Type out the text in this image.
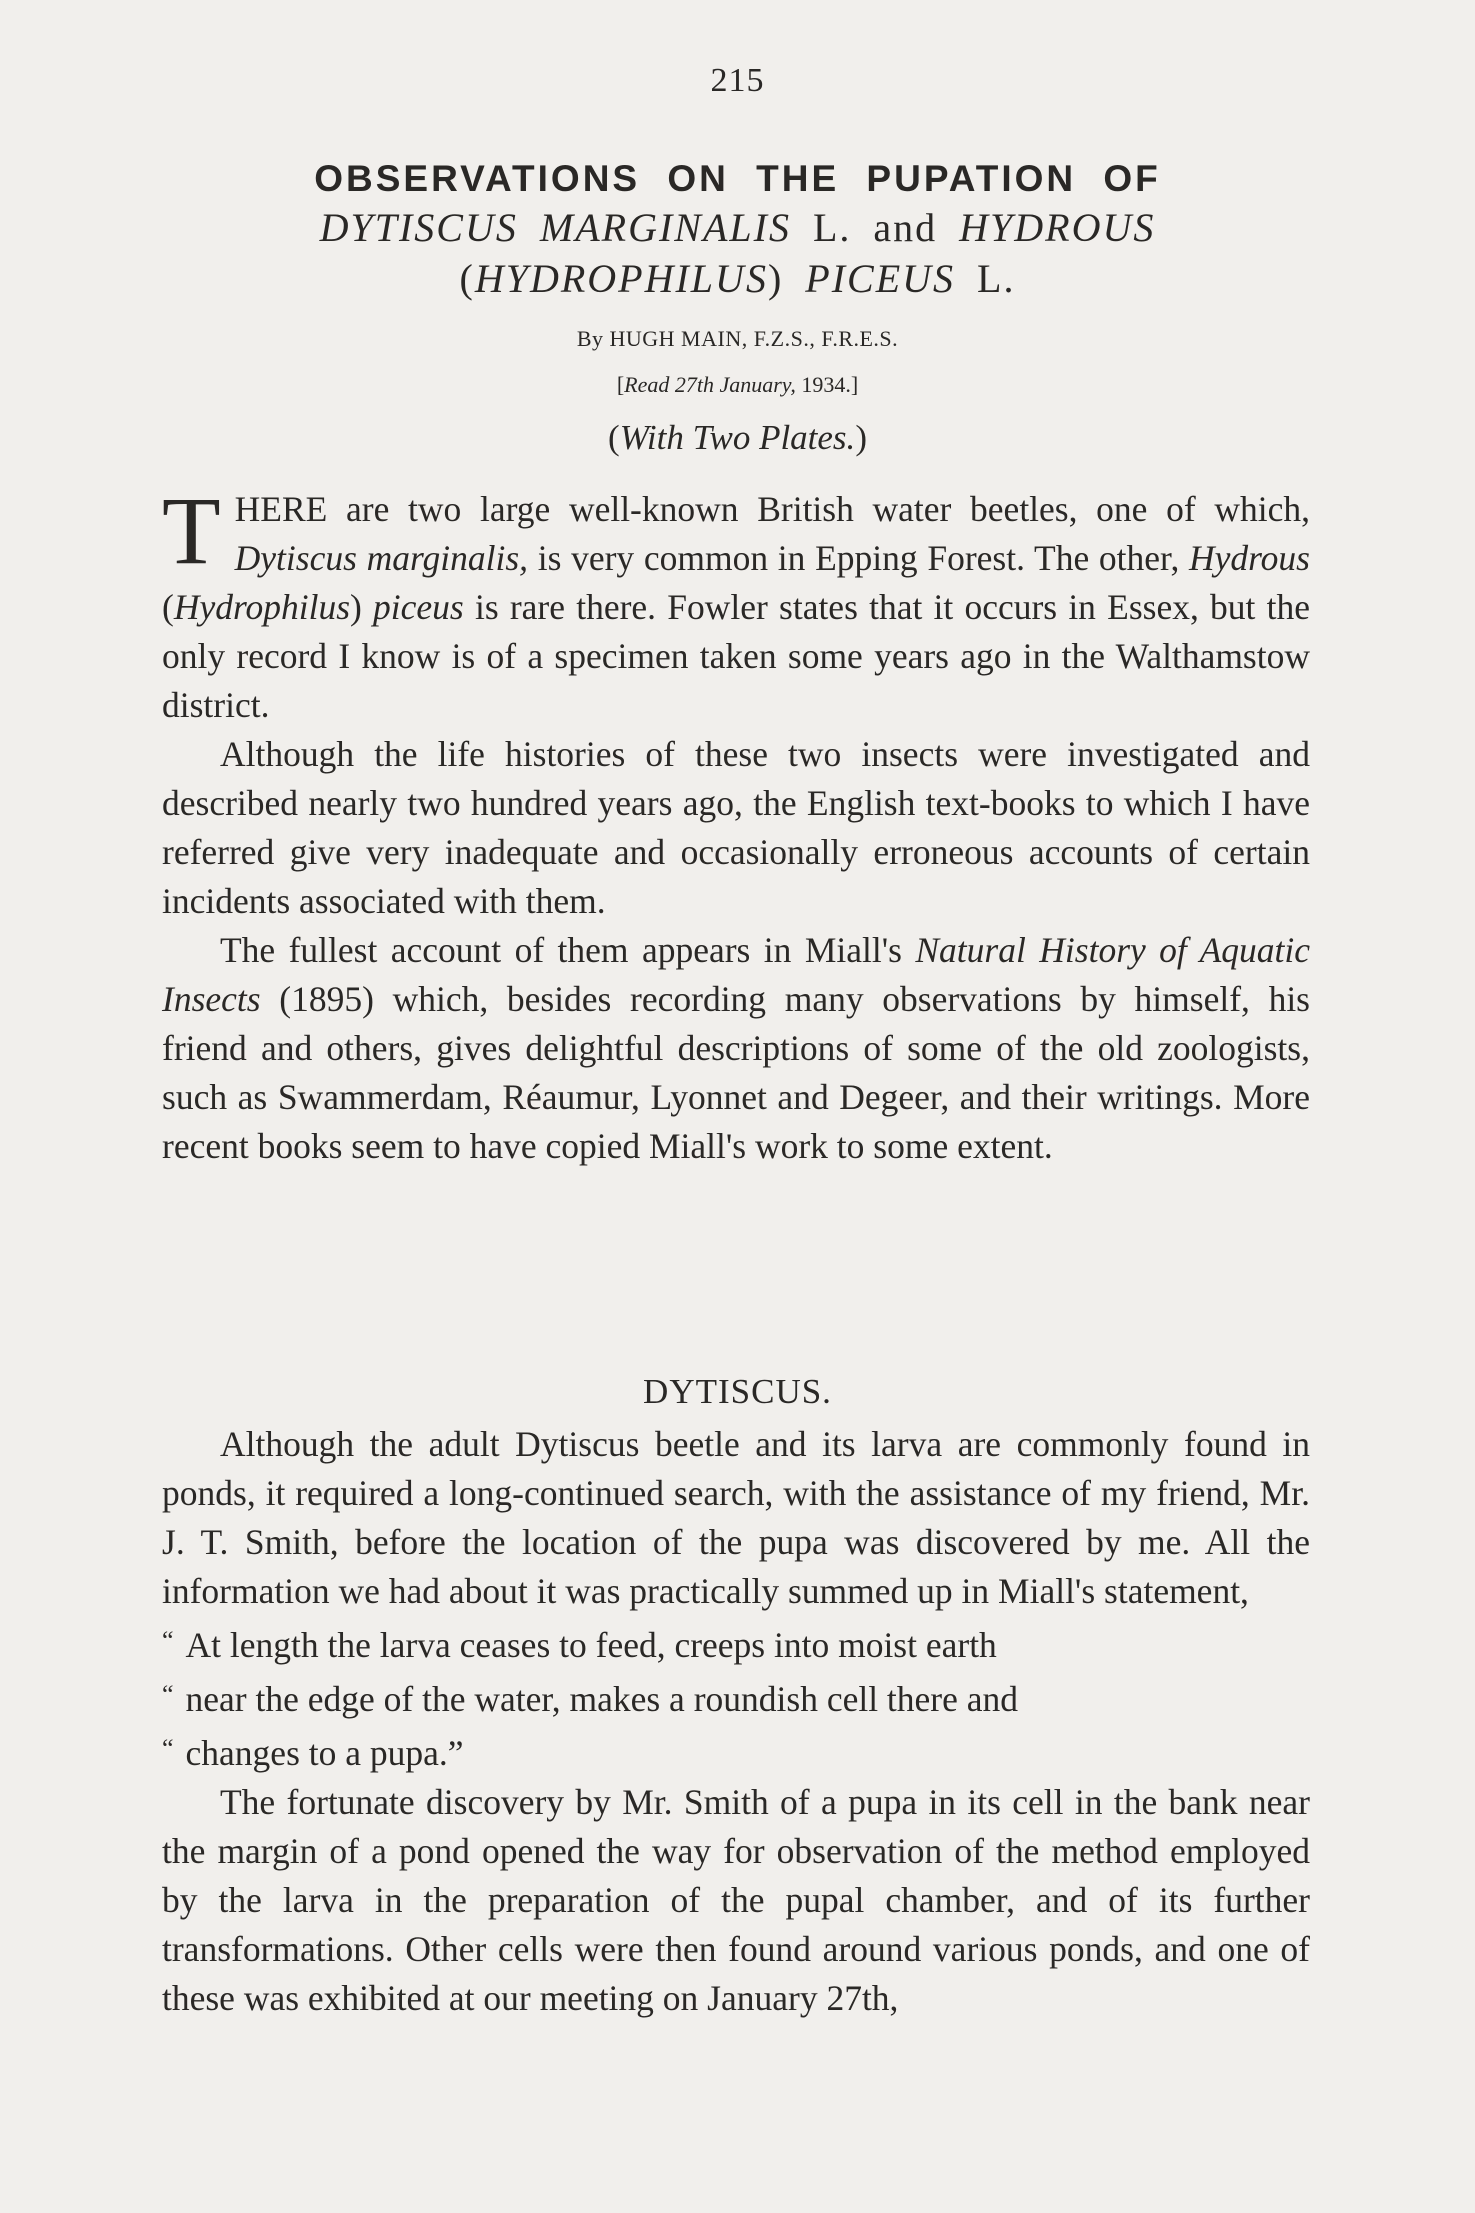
215
OBSERVATIONS ON THE PUPATION OF
DYTISCUS MARGINALIS L. and HYDROUS
(HYDROPHILUS) PICEUS L.
By HUGH MAIN, F.Z.S., F.R.E.S.
[Read 27th January, 1934.]
(With Two Plates.)

THERE are two large well-known British water beetles, one of which, Dytiscus marginalis, is very common in Epping Forest. The other, Hydrous (Hydrophilus) piceus is rare there. Fowler states that it occurs in Essex, but the only record I know is of a specimen taken some years ago in the Walthamstow district.

Although the life histories of these two insects were investigated and described nearly two hundred years ago, the English text-books to which I have referred give very inadequate and occasionally erroneous accounts of certain incidents associated with them.

The fullest account of them appears in Miall's Natural History of Aquatic Insects (1895) which, besides recording many observations by himself, his friend and others, gives delightful descriptions of some of the old zoologists, such as Swammerdam, Réaumur, Lyonnet and Degeer, and their writings. More recent books seem to have copied Miall's work to some extent.

DYTISCUS.

Although the adult Dytiscus beetle and its larva are commonly found in ponds, it required a long-continued search, with the assistance of my friend, Mr. J. T. Smith, before the location of the pupa was discovered by me. All the information we had about it was practically summed up in Miall's statement,

“ At length the larva ceases to feed, creeps into moist earth
“ near the edge of the water, makes a roundish cell there and
“ changes to a pupa.”

The fortunate discovery by Mr. Smith of a pupa in its cell in the bank near the margin of a pond opened the way for observation of the method employed by the larva in the preparation of the pupal chamber, and of its further transformations. Other cells were then found around various ponds, and one of these was exhibited at our meeting on January 27th,
